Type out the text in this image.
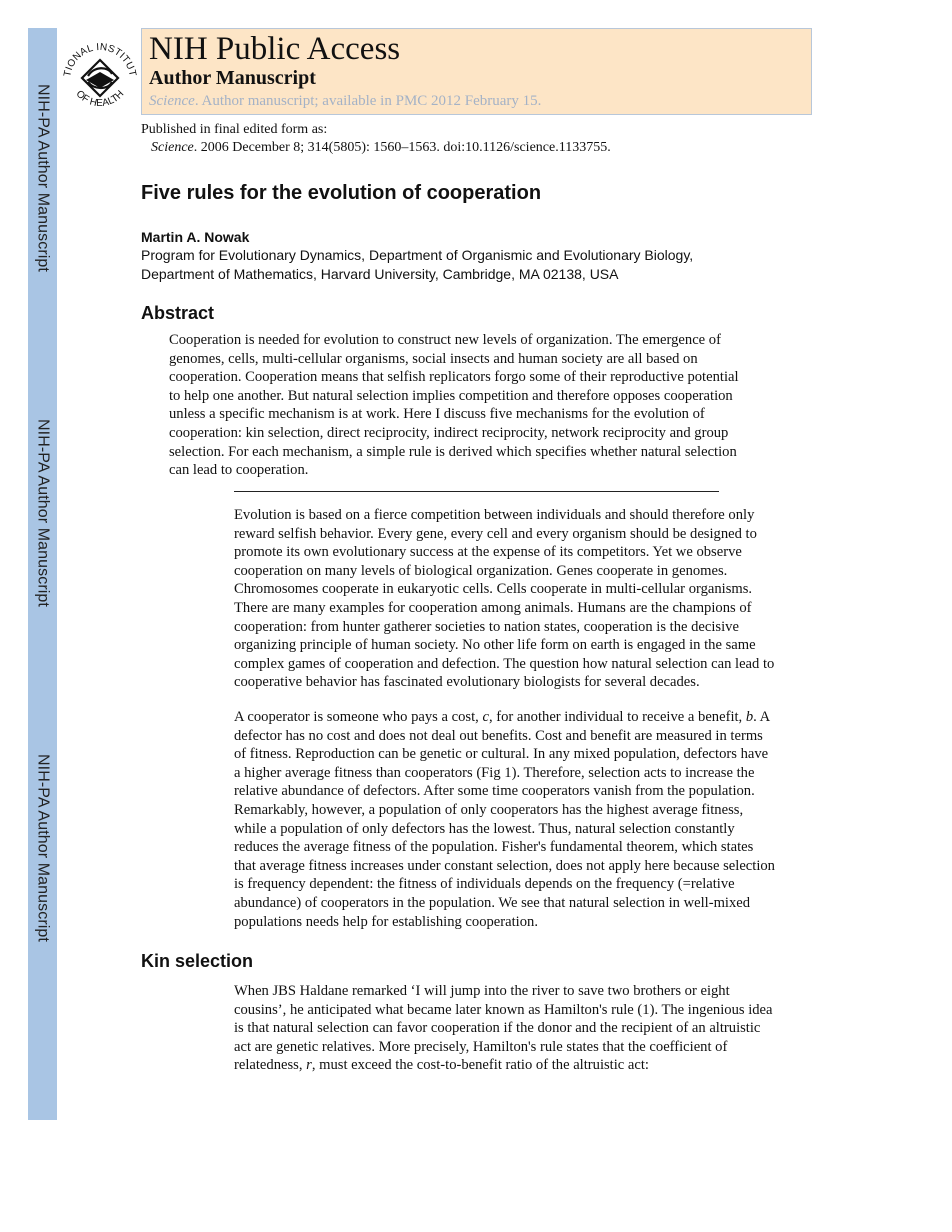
NIH-PA Author Manuscript
NIH-PA Author Manuscript
NIH-PA Author Manuscript
TIONAL INSTITUT
OF HEALTH
NIH Public Access
Author Manuscript
Science. Author manuscript; available in PMC 2012 February 15.
Published in final edited form as:
Science. 2006 December 8; 314(5805): 1560–1563. doi:10.1126/science.1133755.
Five rules for the evolution of cooperation
Martin A. Nowak
Program for Evolutionary Dynamics, Department of Organismic and Evolutionary Biology,
Department of Mathematics, Harvard University, Cambridge, MA 02138, USA
Abstract
Cooperation is needed for evolution to construct new levels of organization. The emergence of
genomes, cells, multi-cellular organisms, social insects and human society are all based on
cooperation. Cooperation means that selfish replicators forgo some of their reproductive potential
to help one another. But natural selection implies competition and therefore opposes cooperation
unless a specific mechanism is at work. Here I discuss five mechanisms for the evolution of
cooperation: kin selection, direct reciprocity, indirect reciprocity, network reciprocity and group
selection. For each mechanism, a simple rule is derived which specifies whether natural selection
can lead to cooperation.
Evolution is based on a fierce competition between individuals and should therefore only
reward selfish behavior. Every gene, every cell and every organism should be designed to
promote its own evolutionary success at the expense of its competitors. Yet we observe
cooperation on many levels of biological organization. Genes cooperate in genomes.
Chromosomes cooperate in eukaryotic cells. Cells cooperate in multi-cellular organisms.
There are many examples for cooperation among animals. Humans are the champions of
cooperation: from hunter gatherer societies to nation states, cooperation is the decisive
organizing principle of human society. No other life form on earth is engaged in the same
complex games of cooperation and defection. The question how natural selection can lead to
cooperative behavior has fascinated evolutionary biologists for several decades.
A cooperator is someone who pays a cost, c, for another individual to receive a benefit, b. A
defector has no cost and does not deal out benefits. Cost and benefit are measured in terms
of fitness. Reproduction can be genetic or cultural. In any mixed population, defectors have
a higher average fitness than cooperators (Fig 1). Therefore, selection acts to increase the
relative abundance of defectors. After some time cooperators vanish from the population.
Remarkably, however, a population of only cooperators has the highest average fitness,
while a population of only defectors has the lowest. Thus, natural selection constantly
reduces the average fitness of the population. Fisher's fundamental theorem, which states
that average fitness increases under constant selection, does not apply here because selection
is frequency dependent: the fitness of individuals depends on the frequency (=relative
abundance) of cooperators in the population. We see that natural selection in well-mixed
populations needs help for establishing cooperation.
Kin selection
When JBS Haldane remarked ‘I will jump into the river to save two brothers or eight
cousins’, he anticipated what became later known as Hamilton's rule (1). The ingenious idea
is that natural selection can favor cooperation if the donor and the recipient of an altruistic
act are genetic relatives. More precisely, Hamilton's rule states that the coefficient of
relatedness, r, must exceed the cost-to-benefit ratio of the altruistic act:
